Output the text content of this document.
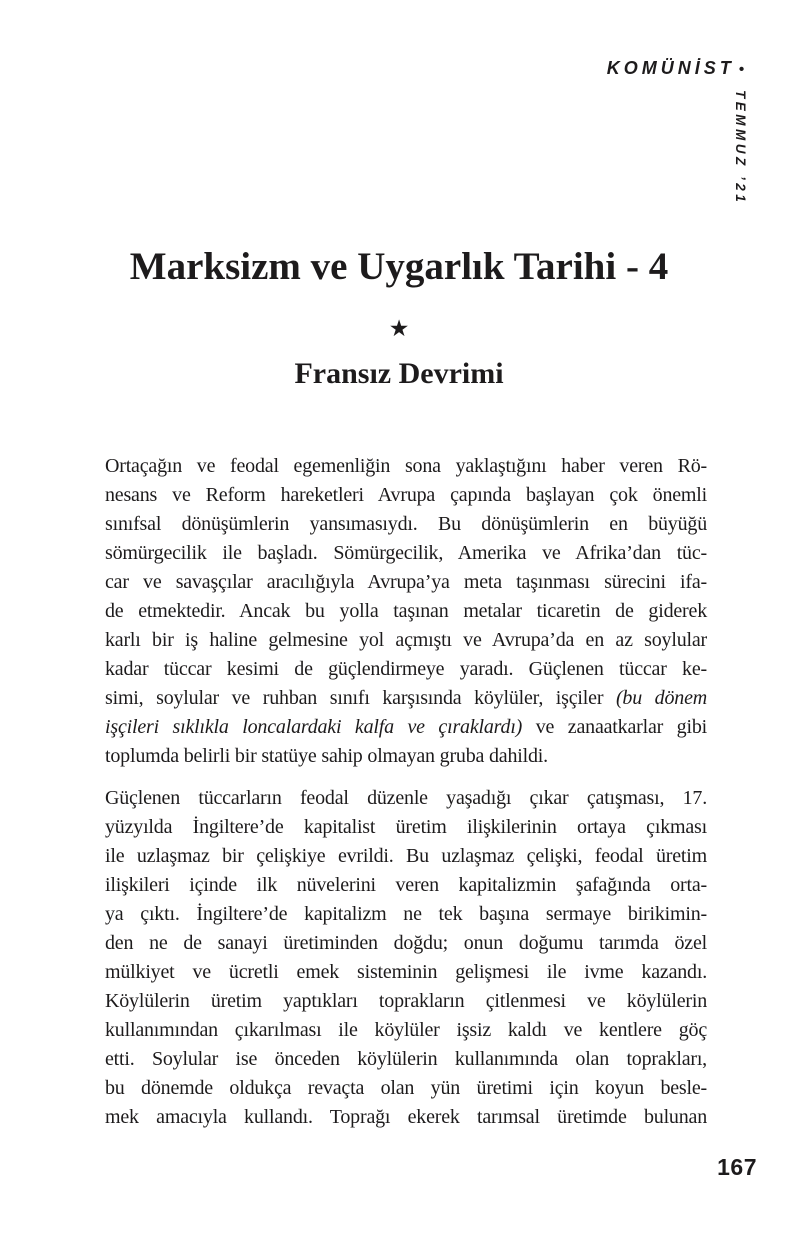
KOMÜNİST •
TEMMUZ ’21
Marksizm ve Uygarlık Tarihi - 4
★
Fransız Devrimi
Ortaçağın ve feodal egemenliğin sona yaklaştığını haber veren Rö-
nesans ve Reform hareketleri Avrupa çapında başlayan çok önemli
sınıfsal dönüşümlerin yansımasıydı. Bu dönüşümlerin en büyüğü
sömürgecilik ile başladı. Sömürgecilik, Amerika ve Afrika’dan tüc-
car ve savaşçılar aracılığıyla Avrupa’ya meta taşınması sürecini ifa-
de etmektedir. Ancak bu yolla taşınan metalar ticaretin de giderek
karlı bir iş haline gelmesine yol açmıştı ve Avrupa’da en az soylular
kadar tüccar kesimi de güçlendirmeye yaradı. Güçlenen tüccar ke-
simi, soylular ve ruhban sınıfı karşısında köylüler, işçiler (bu dönem
işçileri sıklıkla loncalardaki kalfa ve çıraklardı) ve zanaatkarlar gibi
toplumda belirli bir statüye sahip olmayan gruba dahildi.
Güçlenen tüccarların feodal düzenle yaşadığı çıkar çatışması, 17.
yüzyılda İngiltere’de kapitalist üretim ilişkilerinin ortaya çıkması
ile uzlaşmaz bir çelişkiye evrildi. Bu uzlaşmaz çelişki, feodal üretim
ilişkileri içinde ilk nüvelerini veren kapitalizmin şafağında orta-
ya çıktı. İngiltere’de kapitalizm ne tek başına sermaye birikimin-
den ne de sanayi üretiminden doğdu; onun doğumu tarımda özel
mülkiyet ve ücretli emek sisteminin gelişmesi ile ivme kazandı.
Köylülerin üretim yaptıkları toprakların çitlenmesi ve köylülerin
kullanımından çıkarılması ile köylüler işsiz kaldı ve kentlere göç
etti. Soylular ise önceden köylülerin kullanımında olan toprakları,
bu dönemde oldukça revaçta olan yün üretimi için koyun besle-
mek amacıyla kullandı. Toprağı ekerek tarımsal üretimde bulunan
167
